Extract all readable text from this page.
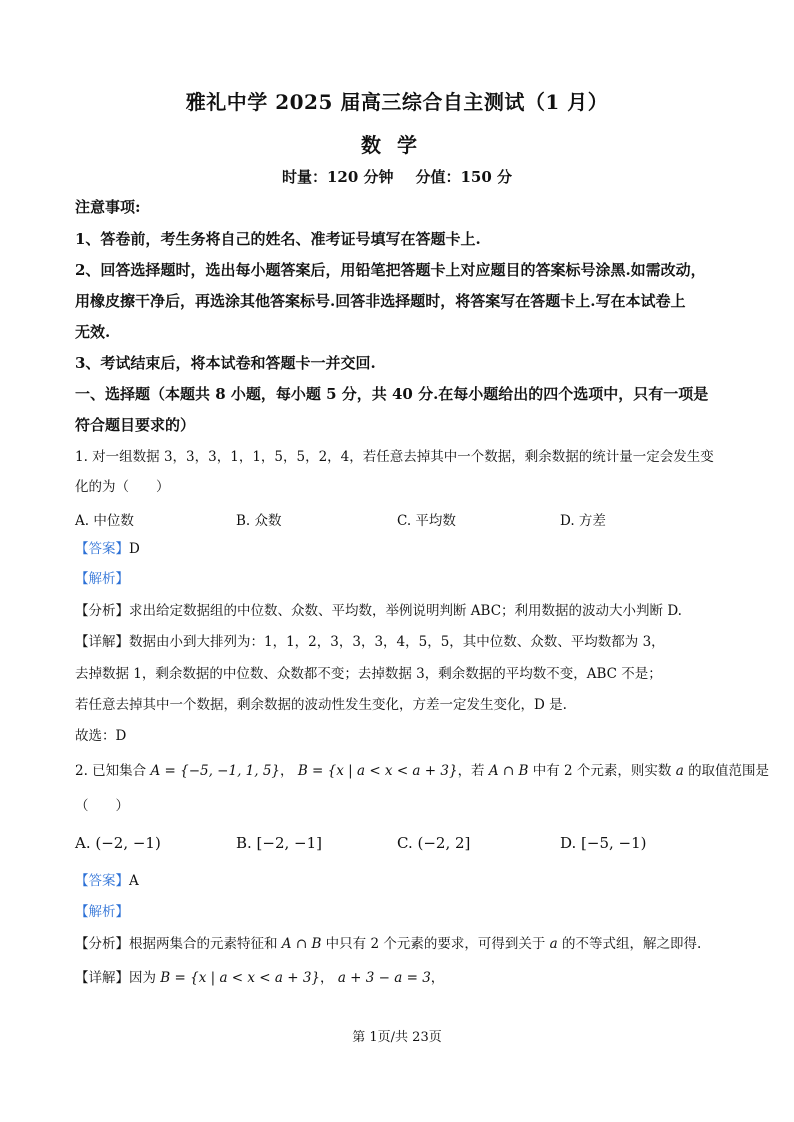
雅礼中学 2025 届高三综合自主测试（1 月）
数学
时量：120 分钟 分值：150 分
注意事项:
1、答卷前，考生务将自己的姓名、准考证号填写在答题卡上.
2、回答选择题时，选出每小题答案后，用铅笔把答题卡上对应题目的答案标号涂黑.如需改动，
用橡皮擦干净后，再选涂其他答案标号.回答非选择题时，将答案写在答题卡上.写在本试卷上
无效.
3、考试结束后，将本试卷和答题卡一并交回.
一、选择题（本题共 8 小题，每小题 5 分，共 40 分.在每小题给出的四个选项中，只有一项是
符合题目要求的）
1. 对一组数据 3，3，3，1，1，5，5，2，4，若任意去掉其中一个数据，剩余数据的统计量一定会发生变
化的为（　　）
A. 中位数	B. 众数	C. 平均数	D. 方差
【答案】D
【解析】
【分析】求出给定数据组的中位数、众数、平均数，举例说明判断 ABC；利用数据的波动大小判断 D.
【详解】数据由小到大排列为：1，1，2，3，3，3，4，5，5，其中位数、众数、平均数都为 3，
去掉数据 1，剩余数据的中位数、众数都不变；去掉数据 3，剩余数据的平均数不变，ABC 不是；
若任意去掉其中一个数据，剩余数据的波动性发生变化，方差一定发生变化，D 是.
故选：D
2. 已知集合 A = {−5, −1, 1, 5}， B = {x | a < x < a + 3}，若 A ∩ B 中有 2 个元素，则实数 a 的取值范围是
（　　）
A. (−2, −1)	B. [−2, −1]	C. (−2, 2]	D. [−5, −1)
【答案】A
【解析】
【分析】根据两集合的元素特征和 A ∩ B 中只有 2 个元素的要求，可得到关于 a 的不等式组，解之即得.
【详解】因为 B = {x | a < x < a + 3}， a + 3 − a = 3，
第 1页/共 23页
